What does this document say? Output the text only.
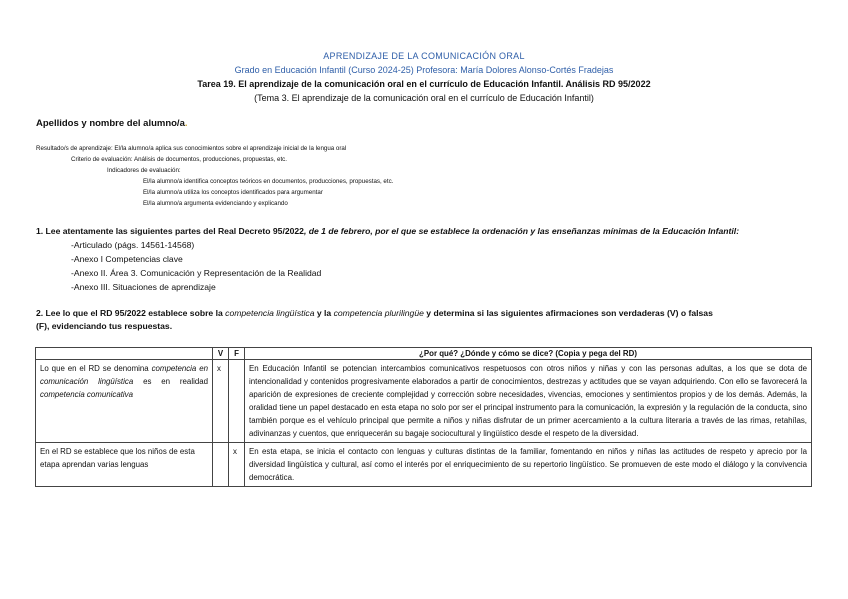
APRENDIZAJE DE LA COMUNICACIÓN ORAL
Grado en Educación Infantil (Curso 2024-25) Profesora: María Dolores Alonso-Cortés Fradejas
Tarea 19. El aprendizaje de la comunicación oral en el currículo de Educación Infantil. Análisis RD 95/2022
(Tema 3. El aprendizaje de la comunicación oral en el currículo de Educación Infantil)
Apellidos y nombre del alumno/a.
Resultado/s de aprendizaje: El/la alumno/a aplica sus conocimientos sobre el aprendizaje inicial de la lengua oral
Criterio de evaluación: Análisis de documentos, producciones, propuestas, etc.
Indicadores de evaluación:
El/la alumno/a identifica conceptos teóricos en documentos, producciones, propuestas, etc.
El/la alumno/a utiliza los conceptos identificados para argumentar
El/la alumno/a argumenta evidenciando y explicando
1. Lee atentamente las siguientes partes del Real Decreto 95/2022, de 1 de febrero, por el que se establece la ordenación y las enseñanzas mínimas de la Educación Infantil:
-Articulado (págs. 14561-14568)
-Anexo I Competencias clave
-Anexo II. Área 3. Comunicación y Representación de la Realidad
-Anexo III. Situaciones de aprendizaje
2. Lee lo que el RD 95/2022 establece sobre la competencia lingüística y la competencia plurilingüe y determina si las siguientes afirmaciones son verdaderas (V) o falsas
(F), evidenciando tus respuestas.
	V	F	¿Por qué? ¿Dónde y cómo se dice? (Copia y pega del RD)
Lo que en el RD se denomina competencia en comunicación lingüística es en realidad competencia comunicativa	x		En Educación Infantil se potencian intercambios comunicativos respetuosos con otros niños y niñas y con las personas adultas, a los que se dota de intencionalidad y contenidos progresivamente elaborados a partir de conocimientos, destrezas y actitudes que se vayan adquiriendo. Con ello se favorecerá la aparición de expresiones de creciente complejidad y corrección sobre necesidades, vivencias, emociones y sentimientos propios y de los demás. Además, la oralidad tiene un papel destacado en esta etapa no solo por ser el principal instrumento para la comunicación, la expresión y la regulación de la conducta, sino también porque es el vehículo principal que permite a niños y niñas disfrutar de un primer acercamiento a la cultura literaria a través de las rimas, retahílas, adivinanzas y cuentos, que enriquecerán su bagaje sociocultural y lingüístico desde el respeto de la diversidad.
En el RD se establece que los niños de esta etapa aprendan varias lenguas		x	En esta etapa, se inicia el contacto con lenguas y culturas distintas de la familiar, fomentando en niños y niñas las actitudes de respeto y aprecio por la diversidad lingüística y cultural, así como el interés por el enriquecimiento de su repertorio lingüístico. Se promueven de este modo el diálogo y la convivencia democrática.
